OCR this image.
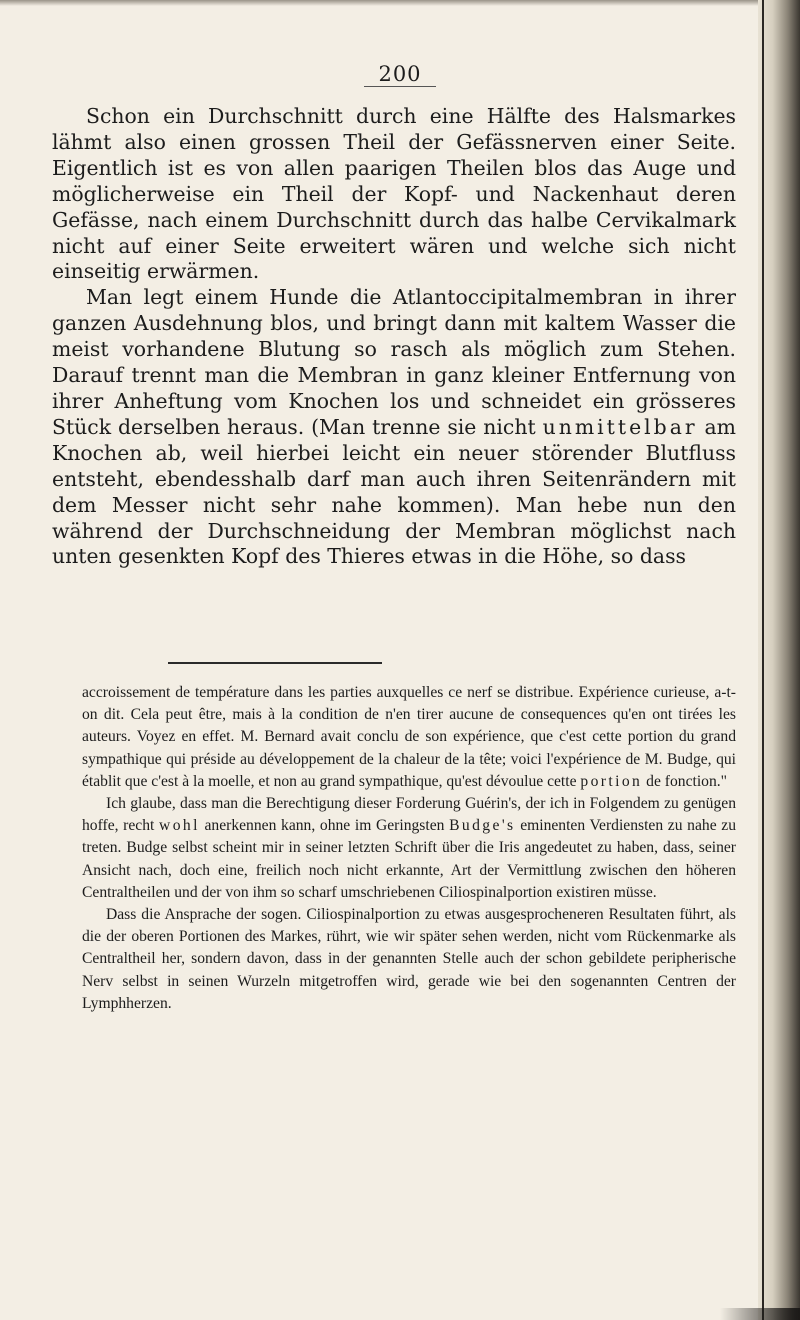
200

Schon ein Durchschnitt durch eine Hälfte des Halsmarkes lähmt also einen grossen Theil der Gefässnerven einer Seite. Eigentlich ist es von allen paarigen Theilen blos das Auge und möglicherweise ein Theil der Kopf- und Nackenhaut deren Gefässe, nach einem Durchschnitt durch das halbe Cervikalmark nicht auf einer Seite erweitert wären und welche sich nicht einseitig erwärmen.

Man legt einem Hunde die Atlantoccipitalmembran in ihrer ganzen Ausdehnung blos, und bringt dann mit kaltem Wasser die meist vorhandene Blutung so rasch als möglich zum Stehen. Darauf trennt man die Membran in ganz kleiner Entfernung von ihrer Anheftung vom Knochen los und schneidet ein grösseres Stück derselben heraus. (Man trenne sie nicht unmittelbar am Knochen ab, weil hierbei leicht ein neuer störender Blutfluss entsteht, ebendesshalb darf man auch ihren Seitenrändern mit dem Messer nicht sehr nahe kommen). Man hebe nun den während der Durchschneidung der Membran möglichst nach unten gesenkten Kopf des Thieres etwas in die Höhe, so dass

accroissement de température dans les parties auxquelles ce nerf se distribue. Expérience curieuse, a-t-on dit. Cela peut être, mais à la condition de n'en tirer aucune de consequences qu'en ont tirées les auteurs. Voyez en effet. M. Bernard avait conclu de son expérience, que c'est cette portion du grand sympathique qui préside au développement de la chaleur de la tête; voici l'expérience de M. Budge, qui établit que c'est à la moelle, et non au grand sympathique, qu'est dévoulue cette portion de fonction."

Ich glaube, dass man die Berechtigung dieser Forderung Guérin's, der ich in Folgendem zu genügen hoffe, recht wohl anerkennen kann, ohne im Geringsten Budge's eminenten Verdiensten zu nahe zu treten. Budge selbst scheint mir in seiner letzten Schrift über die Iris angedeutet zu haben, dass, seiner Ansicht nach, doch eine, freilich noch nicht erkannte, Art der Vermittlung zwischen den höheren Centraltheilen und der von ihm so scharf umschriebenen Ciliospinalportion existiren müsse.

Dass die Ansprache der sogen. Ciliospinalportion zu etwas ausgesprocheneren Resultaten führt, als die der oberen Portionen des Markes, rührt, wie wir später sehen werden, nicht vom Rückenmarke als Centraltheil her, sondern davon, dass in der genannten Stelle auch der schon gebildete peripherische Nerv selbst in seinen Wurzeln mitgetroffen wird, gerade wie bei den sogenannten Centren der Lymphherzen.
